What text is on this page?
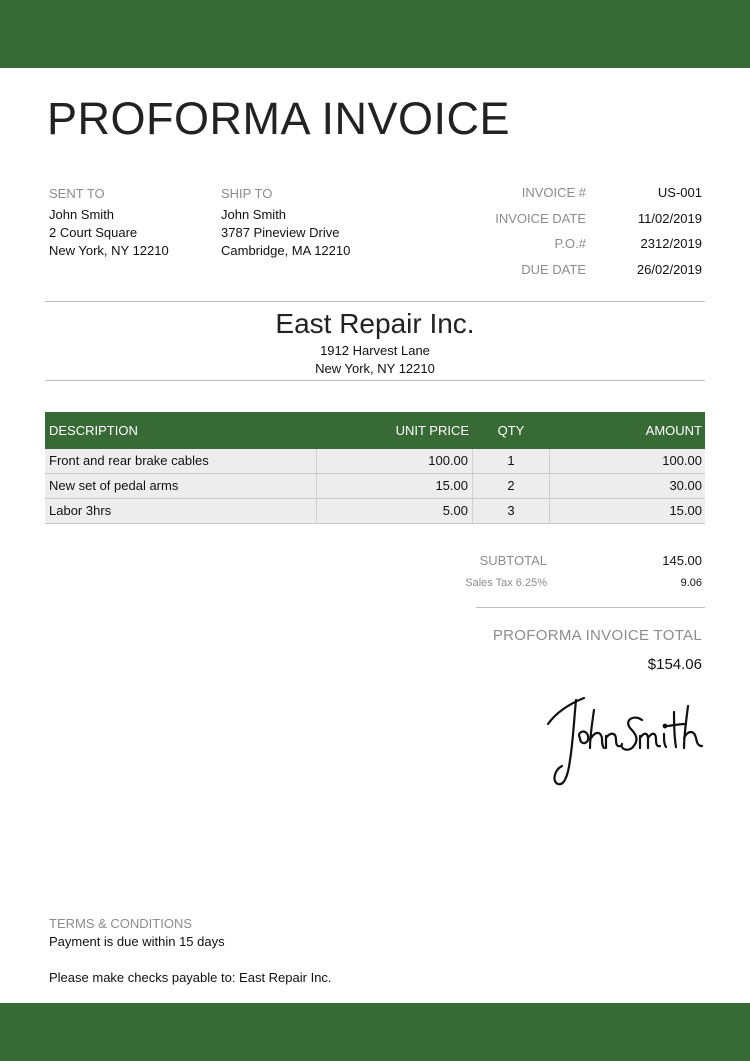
PROFORMA INVOICE
SENT TO
John Smith
2 Court Square
New York, NY 12210
SHIP TO
John Smith
3787 Pineview Drive
Cambridge, MA 12210
INVOICE #	US-001
INVOICE DATE	11/02/2019
P.O.#	2312/2019
DUE DATE	26/02/2019
East Repair Inc.
1912 Harvest Lane
New York, NY 12210
DESCRIPTION	UNIT PRICE	QTY	AMOUNT
Front and rear brake cables	100.00	1	100.00
New set of pedal arms	15.00	2	30.00
Labor 3hrs	5.00	3	15.00
SUBTOTAL	145.00
Sales Tax 6.25%	9.06
PROFORMA INVOICE TOTAL
$154.06
TERMS & CONDITIONS
Payment is due within 15 days
Please make checks payable to: East Repair Inc.
